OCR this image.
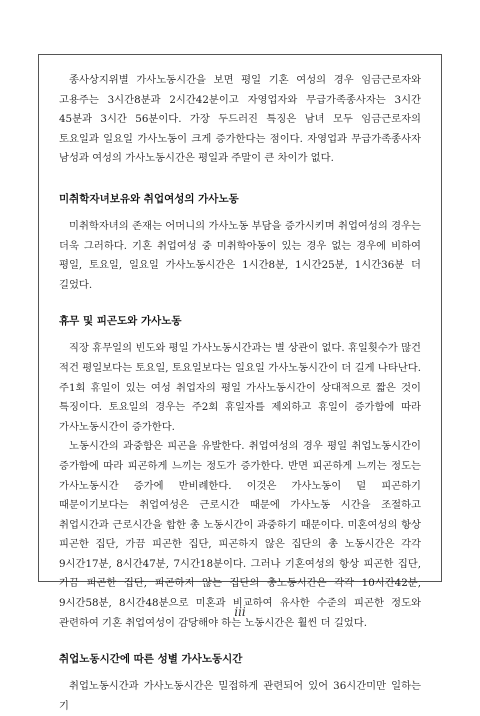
종사상지위별 가사노동시간을 보면 평일 기혼 여성의 경우 임금근로자와 고용주는 3시간8분과 2시간42분이고 자영업자와 무급가족종사자는 3시간 45분과 3시간 56분이다. 가장 두드러진 특징은 남녀 모두 임금근로자의 토요일과 일요일 가사노동이 크게 증가한다는 점이다. 자영업과 무급가족종사자 남성과 여성의 가사노동시간은 평일과 주말이 큰 차이가 없다.

미취학자녀보유와 취업여성의 가사노동

미취학자녀의 존재는 어머니의 가사노동 부담을 증가시키며 취업여성의 경우는 더욱 그러하다. 기혼 취업여성 중 미취학아동이 있는 경우 없는 경우에 비하여 평일, 토요일, 일요일 가사노동시간은 1시간8분, 1시간25분, 1시간36분 더 길었다.

휴무 및 피곤도와 가사노동

직장 휴무일의 빈도와 평일 가사노동시간과는 별 상관이 없다. 휴일횟수가 많건 적건 평일보다는 토요일, 토요일보다는 일요일 가사노동시간이 더 길게 나타난다. 주1회 휴일이 있는 여성 취업자의 평일 가사노동시간이 상대적으로 짧은 것이 특징이다. 토요일의 경우는 주2회 휴일자를 제외하고 휴일이 증가함에 따라 가사노동시간이 증가한다.

노동시간의 과중함은 피곤을 유발한다. 취업여성의 경우 평일 취업노동시간이 증가함에 따라 피곤하게 느끼는 정도가 증가한다. 반면 피곤하게 느끼는 정도는 가사노동시간 증가에 반비례한다. 이것은 가사노동이 덜 피곤하기 때문이기보다는 취업여성은 근로시간 때문에 가사노동 시간을 조절하고 취업시간과 근로시간을 합한 총 노동시간이 과중하기 때문이다. 미혼여성의 항상 피곤한 집단, 가끔 피곤한 집단, 피곤하지 않은 집단의 총 노동시간은 각각 9시간17분, 8시간47분, 7시간18분이다. 그러나 기혼여성의 항상 피곤한 집단, 가끔 피곤한 집단, 피곤하지 않는 집단의 총노동시간은 각각 10시간42분, 9시간58분, 8시간48분으로 미혼과 비교하여 유사한 수준의 피곤한 정도와 관련하여 기혼 취업여성이 감당해야 하는 노동시간은 훨씬 더 길었다.

취업노동시간에 따른 성별 가사노동시간

취업노동시간과 가사노동시간은 밀접하게 관련되어 있어 36시간미만 일하는 기

iii
